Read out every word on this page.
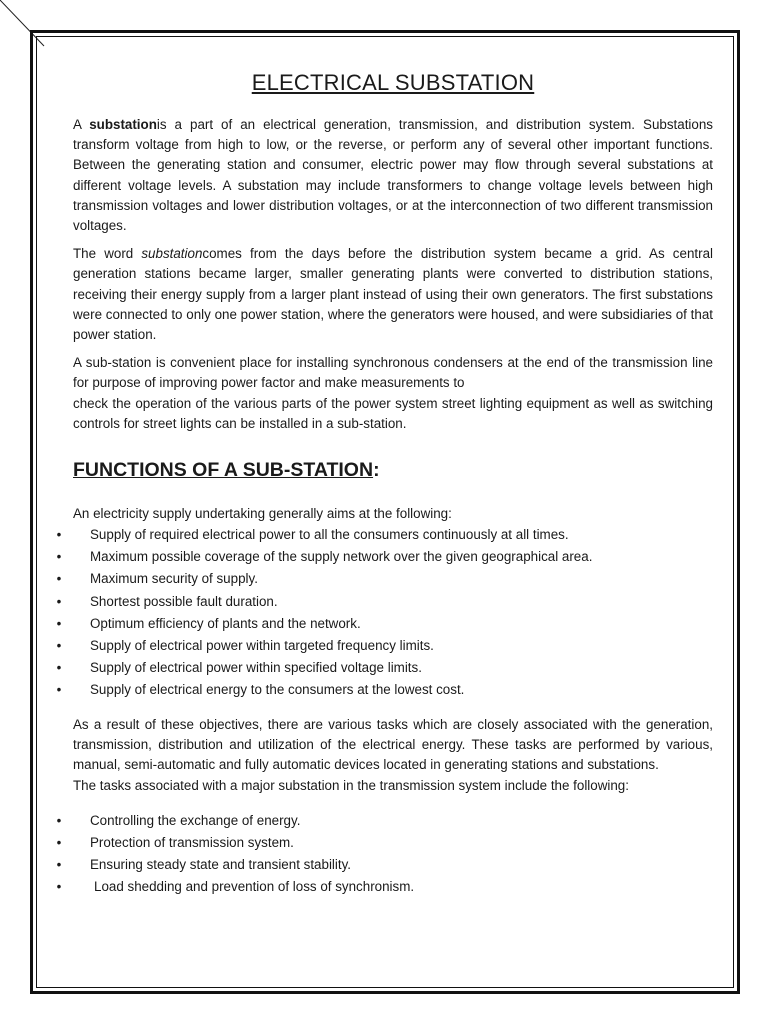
ELECTRICAL SUBSTATION

A substationis a part of an electrical generation, transmission, and distribution system. Substations transform voltage from high to low, or the reverse, or perform any of several other important functions. Between the generating station and consumer, electric power may flow through several substations at different voltage levels. A substation may include transformers to change voltage levels between high transmission voltages and lower distribution voltages, or at the interconnection of two different transmission voltages.

The word substationcomes from the days before the distribution system became a grid. As central generation stations became larger, smaller generating plants were converted to distribution stations, receiving their energy supply from a larger plant instead of using their own generators. The first substations were connected to only one power station, where the generators were housed, and were subsidiaries of that power station.

A sub-station is convenient place for installing synchronous condensers at the end of the transmission line for purpose of improving power factor and make measurements to

check the operation of the various parts of the power system street lighting equipment as well as switching controls for street lights can be installed in a sub-station.

FUNCTIONS OF A SUB-STATION:

An electricity supply undertaking generally aims at the following:

• Supply of required electrical power to all the consumers continuously at all times.
• Maximum possible coverage of the supply network over the given geographical area.
• Maximum security of supply.
• Shortest possible fault duration.
• Optimum efficiency of plants and the network.
• Supply of electrical power within targeted frequency limits.
• Supply of electrical power within specified voltage limits.
• Supply of electrical energy to the consumers at the lowest cost.

As a result of these objectives, there are various tasks which are closely associated with the generation, transmission, distribution and utilization of the electrical energy. These tasks are performed by various, manual, semi-automatic and fully automatic devices located in generating stations and substations.

The tasks associated with a major substation in the transmission system include the following:

• Controlling the exchange of energy.
• Protection of transmission system.
• Ensuring steady state and transient stability.
• Load shedding and prevention of loss of synchronism.
